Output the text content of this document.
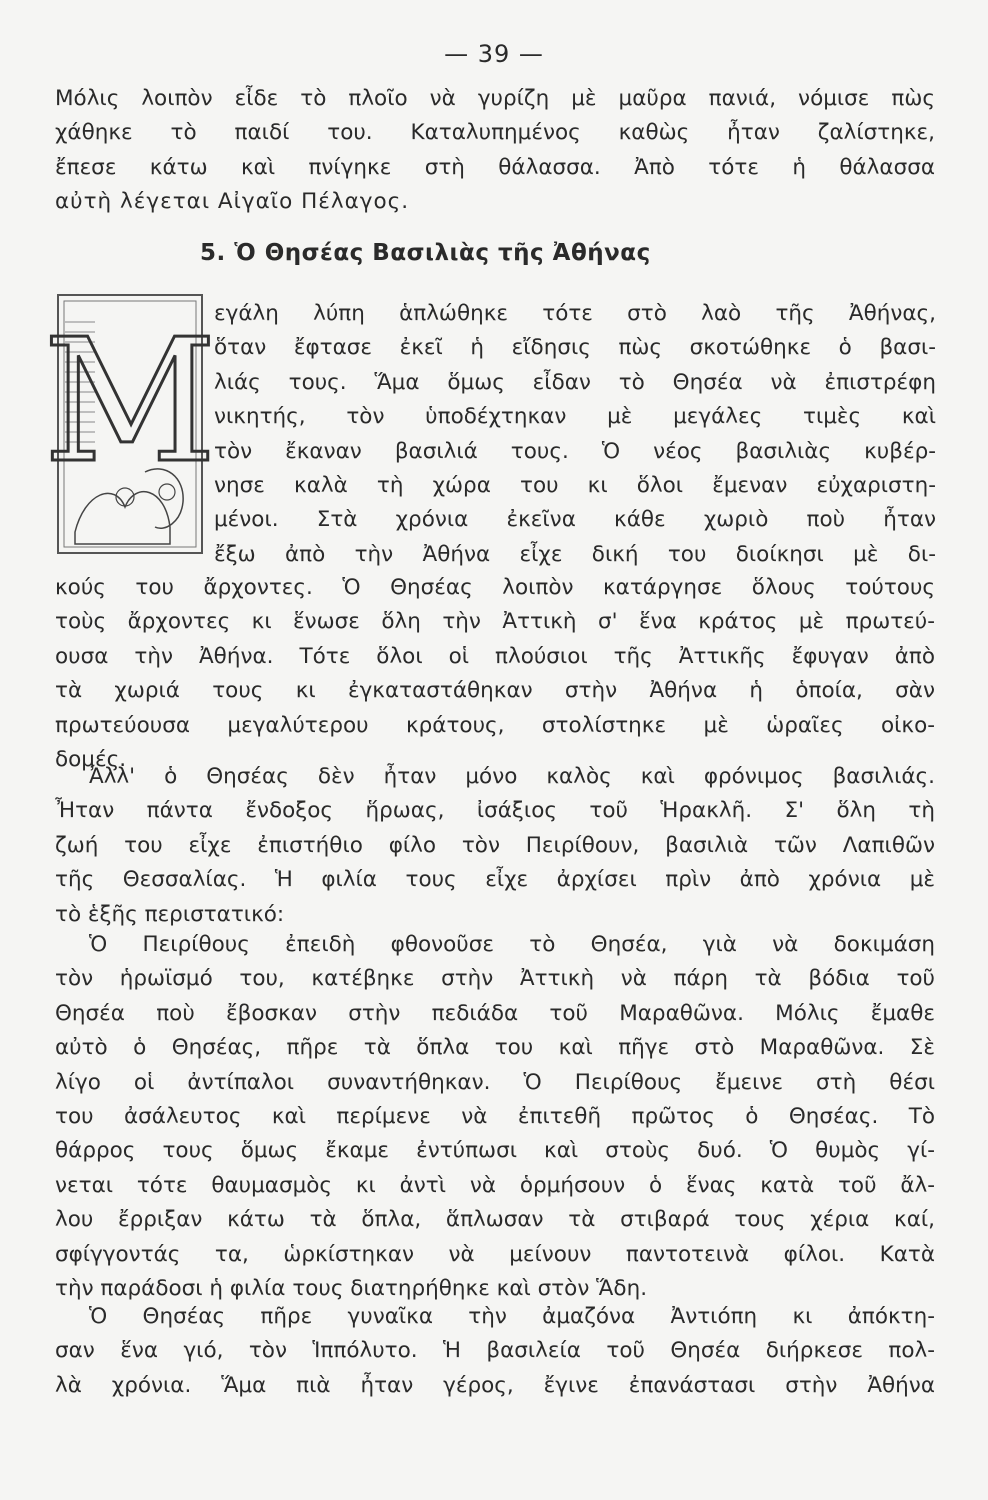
— 39 —
Μόλις λοιπὸν εἶδε τὸ πλοῖο νὰ γυρίζη μὲ μαῦρα πανιά, νόμισε πὼς
χάθηκε τὸ παιδί του. Καταλυπημένος καθὼς ἦταν ζαλίστηκε,
ἔπεσε κάτω καὶ πνίγηκε στὴ θάλασσα. Ἀπὸ τότε ἡ θάλασσα
αὐτὴ λέγεται Αἰγαῖο Πέλαγος.
5. Ὁ Θησέας Βασιλιὰς τῆς Ἀθήνας
M
εγάλη λύπη ἁπλώθηκε τότε στὸ λαὸ τῆς Ἀθήνας,
ὅταν ἔφτασε ἐκεῖ ἡ εἴδησις πὼς σκοτώθηκε ὁ βασι-
λιάς τους. Ἅμα ὅμως εἶδαν τὸ Θησέα νὰ ἐπιστρέφη
νικητής, τὸν ὑποδέχτηκαν μὲ μεγάλες τιμὲς καὶ
τὸν ἔκαναν βασιλιά τους. Ὁ νέος βασιλιὰς κυβέρ-
νησε καλὰ τὴ χώρα του κι ὅλοι ἔμεναν εὐχαριστη-
μένοι. Στὰ χρόνια ἐκεῖνα κάθε χωριὸ ποὺ ἦταν
ἔξω ἀπὸ τὴν Ἀθήνα εἶχε δική του διοίκησι μὲ δι-
κούς του ἄρχοντες. Ὁ Θησέας λοιπὸν κατάργησε ὅλους τούτους
τοὺς ἄρχοντες κι ἕνωσε ὅλη τὴν Ἀττικὴ σ' ἕνα κράτος μὲ πρωτεύ-
ουσα τὴν Ἀθήνα. Τότε ὅλοι οἱ πλούσιοι τῆς Ἀττικῆς ἔφυγαν ἀπὸ
τὰ χωριά τους κι ἐγκαταστάθηκαν στὴν Ἀθήνα ἡ ὁποία, σὰν
πρωτεύουσα μεγαλύτερου κράτους, στολίστηκε μὲ ὡραῖες οἰκο-
δομές.
Ἀλλ' ὁ Θησέας δὲν ἦταν μόνο καλὸς καὶ φρόνιμος βασιλιάς.
Ἦταν πάντα ἔνδοξος ἥρωας, ἰσάξιος τοῦ Ἡρακλῆ. Σ' ὅλη τὴ
ζωή του εἶχε ἐπιστήθιο φίλο τὸν Πειρίθουν, βασιλιὰ τῶν Λαπιθῶν
τῆς Θεσσαλίας. Ἡ φιλία τους εἶχε ἀρχίσει πρὶν ἀπὸ χρόνια μὲ
τὸ ἑξῆς περιστατικό:
Ὁ Πειρίθους ἐπειδὴ φθονοῦσε τὸ Θησέα, γιὰ νὰ δοκιμάση
τὸν ἡρωϊσμό του, κατέβηκε στὴν Ἀττικὴ νὰ πάρη τὰ βόδια τοῦ
Θησέα ποὺ ἔβοσκαν στὴν πεδιάδα τοῦ Μαραθῶνα. Μόλις ἔμαθε
αὐτὸ ὁ Θησέας, πῆρε τὰ ὅπλα του καὶ πῆγε στὸ Μαραθῶνα. Σὲ
λίγο οἱ ἀντίπαλοι συναντήθηκαν. Ὁ Πειρίθους ἔμεινε στὴ θέσι
του ἀσάλευτος καὶ περίμενε νὰ ἐπιτεθῆ πρῶτος ὁ Θησέας. Τὸ
θάρρος τους ὅμως ἔκαμε ἐντύπωσι καὶ στοὺς δυό. Ὁ θυμὸς γί-
νεται τότε θαυμασμὸς κι ἀντὶ νὰ ὁρμήσουν ὁ ἕνας κατὰ τοῦ ἄλ-
λου ἔρριξαν κάτω τὰ ὅπλα, ἅπλωσαν τὰ στιβαρά τους χέρια καί,
σφίγγοντάς τα, ὡρκίστηκαν νὰ μείνουν παντοτεινὰ φίλοι. Κατὰ
τὴν παράδοσι ἡ φιλία τους διατηρήθηκε καὶ στὸν Ἅδη.
Ὁ Θησέας πῆρε γυναῖκα τὴν ἀμαζόνα Ἀντιόπη κι ἀπόκτη-
σαν ἕνα γιό, τὸν Ἱππόλυτο. Ἡ βασιλεία τοῦ Θησέα διήρκεσε πολ-
λὰ χρόνια. Ἅμα πιὰ ἦταν γέρος, ἔγινε ἐπανάστασι στὴν Ἀθήνα
